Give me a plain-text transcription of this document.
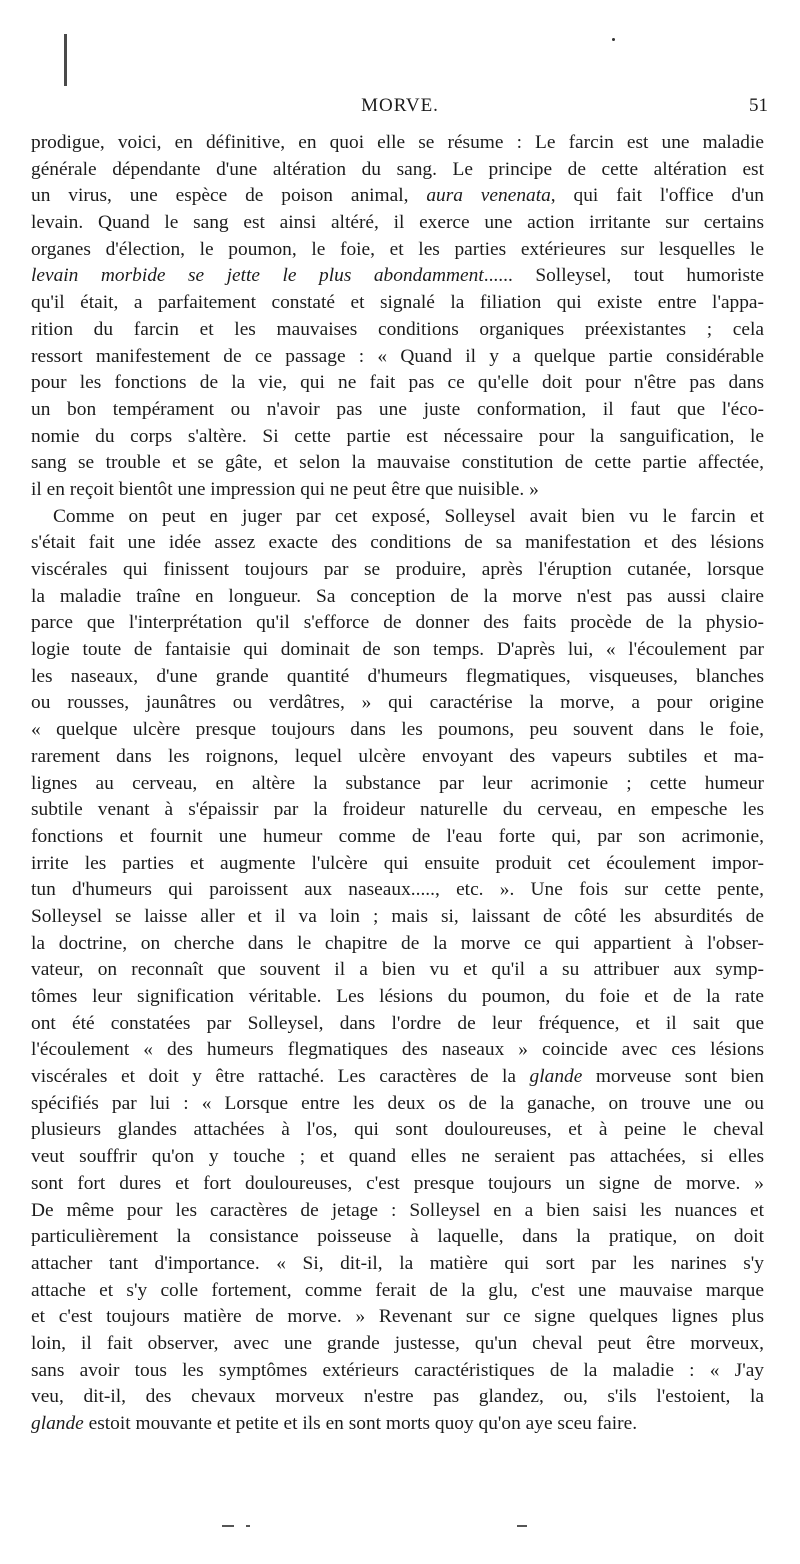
MORVE.	51
prodigue, voici, en définitive, en quoi elle se résume : Le farcin est une maladie
générale dépendante d'une altération du sang. Le principe de cette altération est
un virus, une espèce de poison animal, aura venenata, qui fait l'office d'un
levain. Quand le sang est ainsi altéré, il exerce une action irritante sur certains
organes d'élection, le poumon, le foie, et les parties extérieures sur lesquelles le
levain morbide se jette le plus abondamment...... Solleysel, tout humoriste
qu'il était, a parfaitement constaté et signalé la filiation qui existe entre l'appa-
rition du farcin et les mauvaises conditions organiques préexistantes ; cela
ressort manifestement de ce passage : « Quand il y a quelque partie considérable
pour les fonctions de la vie, qui ne fait pas ce qu'elle doit pour n'être pas dans
un bon tempérament ou n'avoir pas une juste conformation, il faut que l'éco-
nomie du corps s'altère. Si cette partie est nécessaire pour la sanguification, le
sang se trouble et se gâte, et selon la mauvaise constitution de cette partie affectée,
il en reçoit bientôt une impression qui ne peut être que nuisible. »
Comme on peut en juger par cet exposé, Solleysel avait bien vu le farcin et
s'était fait une idée assez exacte des conditions de sa manifestation et des lésions
viscérales qui finissent toujours par se produire, après l'éruption cutanée, lorsque
la maladie traîne en longueur. Sa conception de la morve n'est pas aussi claire
parce que l'interprétation qu'il s'efforce de donner des faits procède de la physio-
logie toute de fantaisie qui dominait de son temps. D'après lui, « l'écoulement par
les naseaux, d'une grande quantité d'humeurs flegmatiques, visqueuses, blanches
ou rousses, jaunâtres ou verdâtres, » qui caractérise la morve, a pour origine
« quelque ulcère presque toujours dans les poumons, peu souvent dans le foie,
rarement dans les roignons, lequel ulcère envoyant des vapeurs subtiles et ma-
lignes au cerveau, en altère la substance par leur acrimonie ; cette humeur
subtile venant à s'épaissir par la froideur naturelle du cerveau, en empesche les
fonctions et fournit une humeur comme de l'eau forte qui, par son acrimonie,
irrite les parties et augmente l'ulcère qui ensuite produit cet écoulement impor-
tun d'humeurs qui paroissent aux naseaux....., etc. ». Une fois sur cette pente,
Solleysel se laisse aller et il va loin ; mais si, laissant de côté les absurdités de
la doctrine, on cherche dans le chapitre de la morve ce qui appartient à l'obser-
vateur, on reconnaît que souvent il a bien vu et qu'il a su attribuer aux symp-
tômes leur signification véritable. Les lésions du poumon, du foie et de la rate
ont été constatées par Solleysel, dans l'ordre de leur fréquence, et il sait que
l'écoulement « des humeurs flegmatiques des naseaux » coincide avec ces lésions
viscérales et doit y être rattaché. Les caractères de la glande morveuse sont bien
spécifiés par lui : « Lorsque entre les deux os de la ganache, on trouve une ou
plusieurs glandes attachées à l'os, qui sont douloureuses, et à peine le cheval
veut souffrir qu'on y touche ; et quand elles ne seraient pas attachées, si elles
sont fort dures et fort douloureuses, c'est presque toujours un signe de morve. »
De même pour les caractères de jetage : Solleysel en a bien saisi les nuances et
particulièrement la consistance poisseuse à laquelle, dans la pratique, on doit
attacher tant d'importance. « Si, dit-il, la matière qui sort par les narines s'y
attache et s'y colle fortement, comme ferait de la glu, c'est une mauvaise marque
et c'est toujours matière de morve. » Revenant sur ce signe quelques lignes plus
loin, il fait observer, avec une grande justesse, qu'un cheval peut être morveux,
sans avoir tous les symptômes extérieurs caractéristiques de la maladie : « J'ay
veu, dit-il, des chevaux morveux n'estre pas glandez, ou, s'ils l'estoient, la
glande estoit mouvante et petite et ils en sont morts quoy qu'on aye sceu faire.
